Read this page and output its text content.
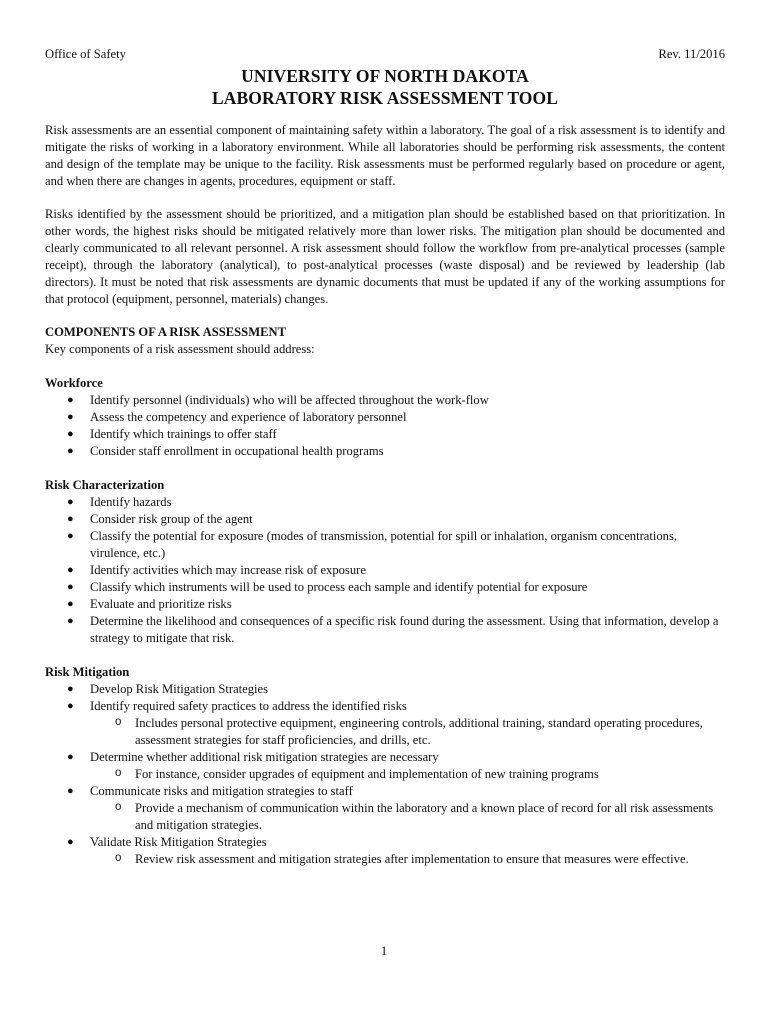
Office of Safety	Rev. 11/2016
UNIVERSITY OF NORTH DAKOTA
LABORATORY RISK ASSESSMENT TOOL

Risk assessments are an essential component of maintaining safety within a laboratory. The goal of a risk assessment is to identify and mitigate the risks of working in a laboratory environment. While all laboratories should be performing risk assessments, the content and design of the template may be unique to the facility. Risk assessments must be performed regularly based on procedure or agent, and when there are changes in agents, procedures, equipment or staff.

Risks identified by the assessment should be prioritized, and a mitigation plan should be established based on that prioritization. In other words, the highest risks should be mitigated relatively more than lower risks. The mitigation plan should be documented and clearly communicated to all relevant personnel. A risk assessment should follow the workflow from pre-analytical processes (sample receipt), through the laboratory (analytical), to post-analytical processes (waste disposal) and be reviewed by leadership (lab directors). It must be noted that risk assessments are dynamic documents that must be updated if any of the working assumptions for that protocol (equipment, personnel, materials) changes.

COMPONENTS OF A RISK ASSESSMENT
Key components of a risk assessment should address:
Workforce
● Identify personnel (individuals) who will be affected throughout the work-flow
● Assess the competency and experience of laboratory personnel
● Identify which trainings to offer staff
● Consider staff enrollment in occupational health programs
Risk Characterization
● Identify hazards
● Consider risk group of the agent
● Classify the potential for exposure (modes of transmission, potential for spill or inhalation, organism concentrations, virulence, etc.)
● Identify activities which may increase risk of exposure
● Classify which instruments will be used to process each sample and identify potential for exposure
● Evaluate and prioritize risks
● Determine the likelihood and consequences of a specific risk found during the assessment. Using that information, develop a strategy to mitigate that risk.
Risk Mitigation
● Develop Risk Mitigation Strategies
● Identify required safety practices to address the identified risks
o Includes personal protective equipment, engineering controls, additional training, standard operating procedures, assessment strategies for staff proficiencies, and drills, etc.
● Determine whether additional risk mitigation strategies are necessary
o For instance, consider upgrades of equipment and implementation of new training programs
● Communicate risks and mitigation strategies to staff
o Provide a mechanism of communication within the laboratory and a known place of record for all risk assessments and mitigation strategies.
● Validate Risk Mitigation Strategies
o Review risk assessment and mitigation strategies after implementation to ensure that measures were effective.
1
